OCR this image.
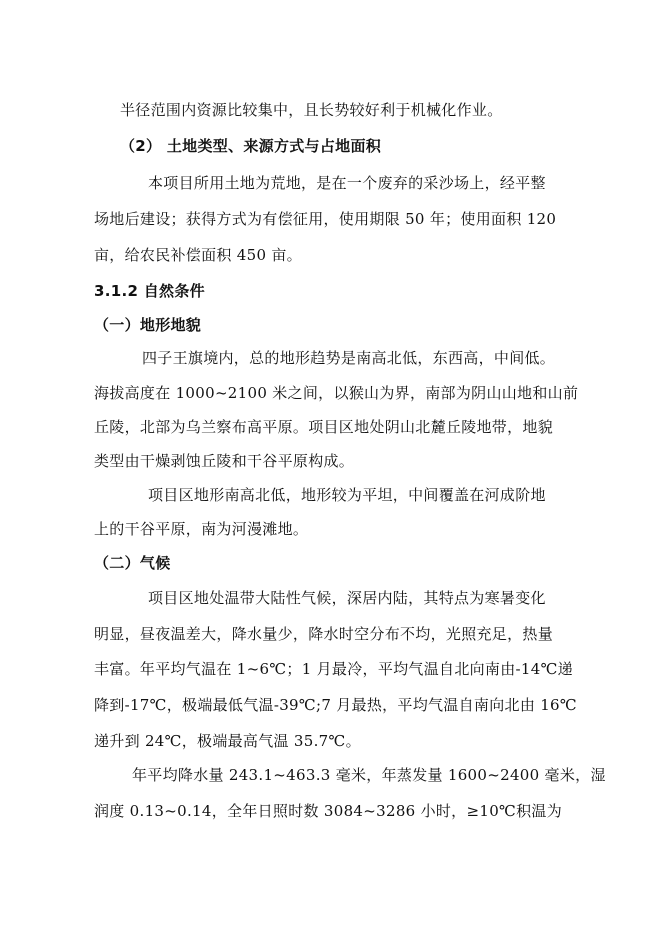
半径范围内资源比较集中，且长势较好利于机械化作业。
（2） 土地类型、来源方式与占地面积
本项目所用土地为荒地，是在一个废弃的采沙场上，经平整
场地后建设；获得方式为有偿征用，使用期限 50 年；使用面积 120
亩，给农民补偿面积 450 亩。
3.1.2 自然条件
（一）地形地貌
四子王旗境内，总的地形趋势是南高北低，东西高，中间低。
海拔高度在 1000~2100 米之间，以猴山为界，南部为阴山山地和山前
丘陵，北部为乌兰察布高平原。项目区地处阴山北麓丘陵地带，地貌
类型由干燥剥蚀丘陵和干谷平原构成。
项目区地形南高北低，地形较为平坦，中间覆盖在河成阶地
上的干谷平原，南为河漫滩地。
（二）气候
项目区地处温带大陆性气候，深居内陆，其特点为寒暑变化
明显，昼夜温差大，降水量少，降水时空分布不均，光照充足，热量
丰富。年平均气温在 1~6℃；1 月最冷，平均气温自北向南由-14℃递
降到-17℃，极端最低气温-39℃;7 月最热，平均气温自南向北由 16℃
递升到 24℃，极端最高气温 35.7℃。
年平均降水量 243.1~463.3 毫米，年蒸发量 1600~2400 毫米，湿
润度 0.13~0.14，全年日照时数 3084~3286 小时，≥10℃积温为
